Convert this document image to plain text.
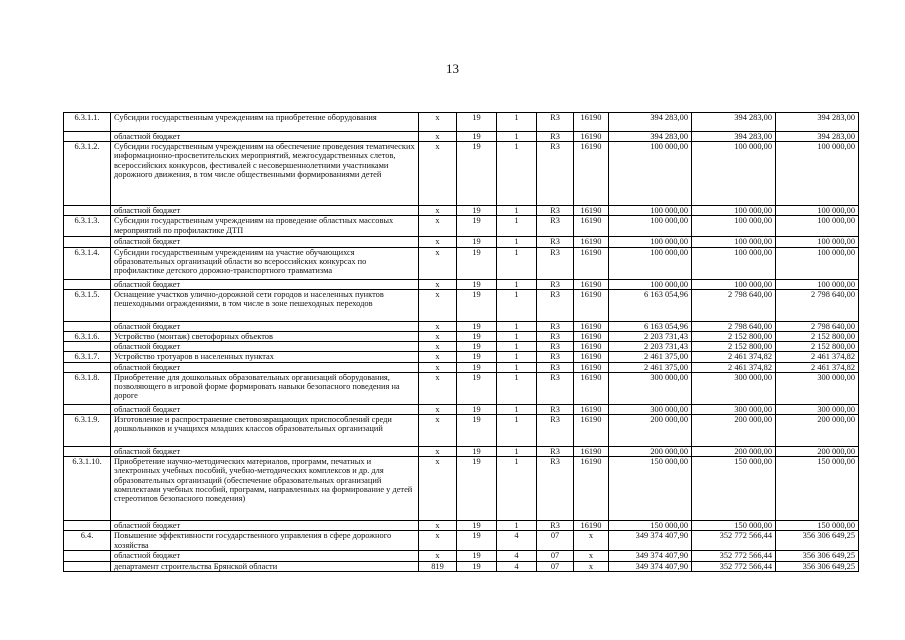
13
6.3.1.1.	Субсидии государственным учреждениям на приобретение оборудования	x	19	1	R3	16190	394 283,00	394 283,00	394 283,00
	областной бюджет	x	19	1	R3	16190	394 283,00	394 283,00	394 283,00
6.3.1.2.	Субсидии государственным учреждениям на обеспечение проведения тематических информационно-просветительских мероприятий, межгосударственных слетов, всероссийских конкурсов, фестивалей с несовершеннолетними участниками дорожного движения, в том числе общественными формированиями детей	x	19	1	R3	16190	100 000,00	100 000,00	100 000,00
	областной бюджет	x	19	1	R3	16190	100 000,00	100 000,00	100 000,00
6.3.1.3.	Субсидии государственным учреждениям на проведение областных массовых мероприятий по профилактике ДТП	x	19	1	R3	16190	100 000,00	100 000,00	100 000,00
	областной бюджет	x	19	1	R3	16190	100 000,00	100 000,00	100 000,00
6.3.1.4.	Субсидии государственным учреждениям на участие обучающихся образовательных организаций области во всероссийских конкурсах по профилактике детского дорожно-транспортного травматизма	x	19	1	R3	16190	100 000,00	100 000,00	100 000,00
	областной бюджет	x	19	1	R3	16190	100 000,00	100 000,00	100 000,00
6.3.1.5.	Оснащение участков улично-дорожной сети городов и населенных пунктов пешеходными ограждениями, в том числе в зоне пешеходных переходов	x	19	1	R3	16190	6 163 054,96	2 798 640,00	2 798 640,00
	областной бюджет	x	19	1	R3	16190	6 163 054,96	2 798 640,00	2 798 640,00
6.3.1.6.	Устройство (монтаж) светофорных объектов	x	19	1	R3	16190	2 203 731,43	2 152 800,00	2 152 800,00
	областной бюджет	x	19	1	R3	16190	2 203 731,43	2 152 800,00	2 152 800,00
6.3.1.7.	Устройство тротуаров в населенных пунктах	x	19	1	R3	16190	2 461 375,00	2 461 374,82	2 461 374,82
	областной бюджет	x	19	1	R3	16190	2 461 375,00	2 461 374,82	2 461 374,82
6.3.1.8.	Приобретение для дошкольных образовательных организаций оборудования, позволяющего в игровой форме формировать навыки безопасного поведения на дороге	x	19	1	R3	16190	300 000,00	300 000,00	300 000,00
	областной бюджет	x	19	1	R3	16190	300 000,00	300 000,00	300 000,00
6.3.1.9.	Изготовление и распространение световозвращающих приспособлений среди дошкольников и учащихся младших классов образовательных организаций	x	19	1	R3	16190	200 000,00	200 000,00	200 000,00
	областной бюджет	x	19	1	R3	16190	200 000,00	200 000,00	200 000,00
6.3.1.10.	Приобретение научно-методических материалов, программ, печатных и электронных учебных пособий, учебно-методических комплексов и др. для образовательных организаций (обеспечение образовательных организаций комплектами учебных пособий, программ, направленных на формирование у детей стереотипов безопасного поведения)	x	19	1	R3	16190	150 000,00	150 000,00	150 000,00
	областной бюджет	x	19	1	R3	16190	150 000,00	150 000,00	150 000,00
6.4.	Повышение эффективности государственного управления в сфере дорожного хозяйства	x	19	4	07	x	349 374 407,90	352 772 566,44	356 306 649,25
	областной бюджет	x	19	4	07	x	349 374 407,90	352 772 566,44	356 306 649,25
	департамент строительства Брянской области	819	19	4	07	x	349 374 407,90	352 772 566,44	356 306 649,25
